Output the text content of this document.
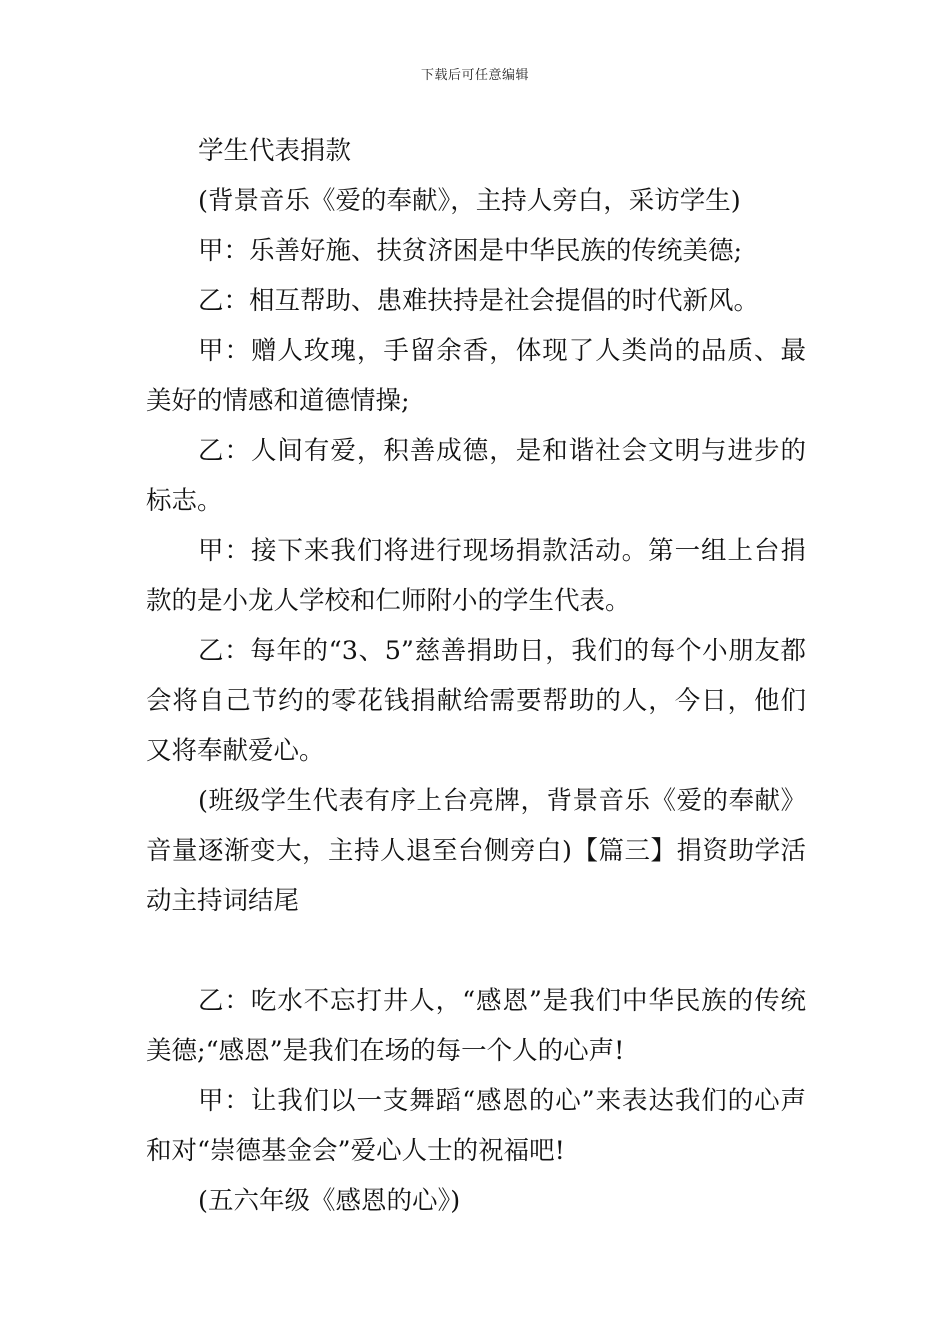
下载后可任意编辑

学生代表捐款

(背景音乐《爱的奉献》，主持人旁白，采访学生)

甲：乐善好施、扶贫济困是中华民族的传统美德;

乙：相互帮助、患难扶持是社会提倡的时代新风。

甲：赠人玫瑰，手留余香，体现了人类尚的品质、最美好的情感和道德情操;

乙：人间有爱，积善成德，是和谐社会文明与进步的标志。

甲：接下来我们将进行现场捐款活动。第一组上台捐款的是小龙人学校和仁师附小的学生代表。

乙：每年的“3、5”慈善捐助日，我们的每个小朋友都会将自己节约的零花钱捐献给需要帮助的人，今日，他们又将奉献爱心。

(班级学生代表有序上台亮牌，背景音乐《爱的奉献》音量逐渐变大，主持人退至台侧旁白)【篇三】捐资助学活动主持词结尾

乙：吃水不忘打井人，“感恩”是我们中华民族的传统美德;“感恩”是我们在场的每一个人的心声!

甲：让我们以一支舞蹈“感恩的心”来表达我们的心声和对“崇德基金会”爱心人士的祝福吧!

(五六年级《感恩的心》)
